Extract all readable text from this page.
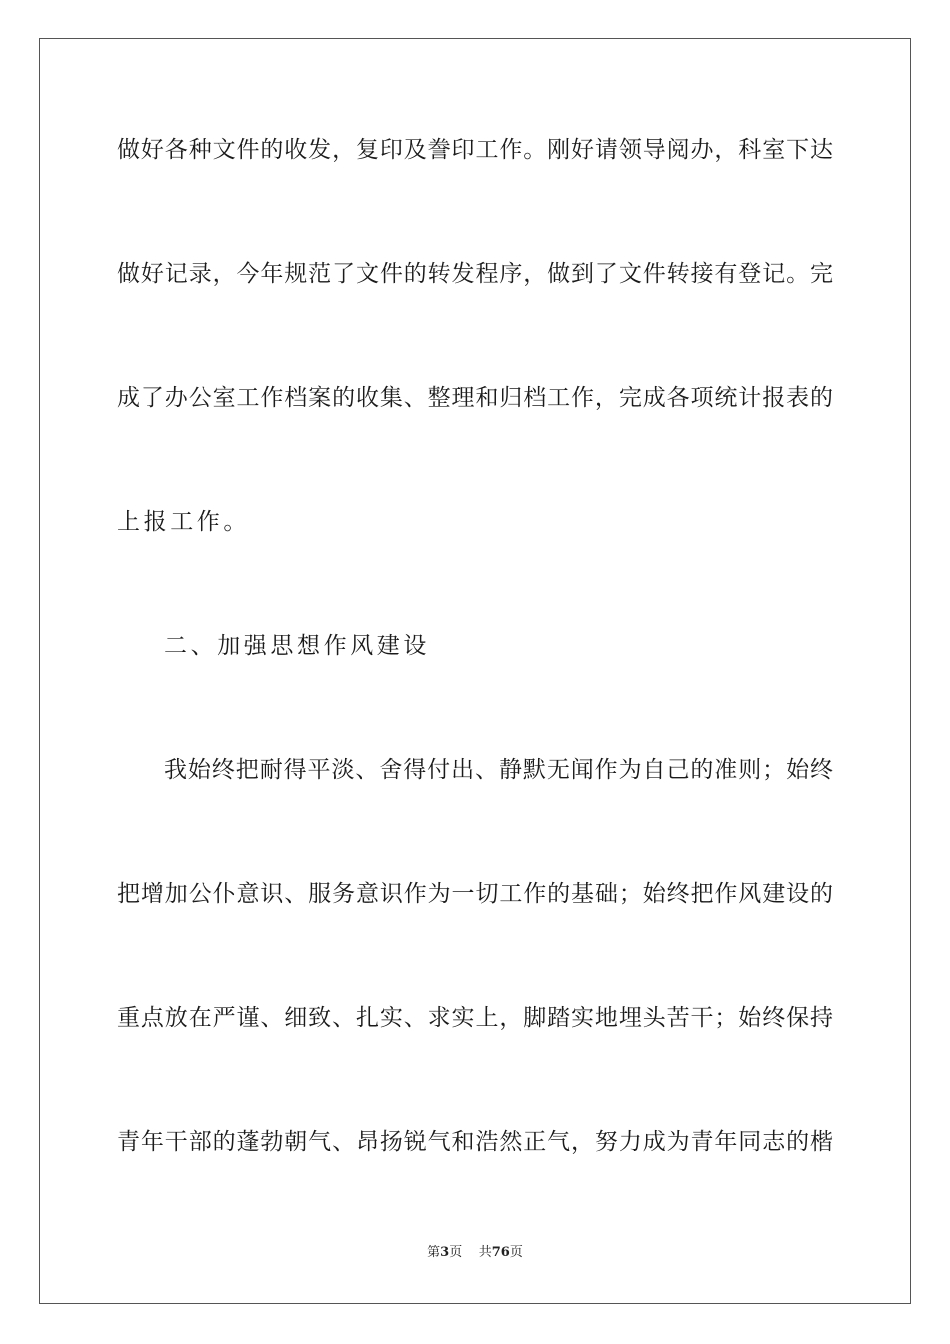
做好各种文件的收发，复印及誊印工作。刚好请领导阅办，科室下达
做好记录，今年规范了文件的转发程序，做到了文件转接有登记。完
成了办公室工作档案的收集、整理和归档工作，完成各项统计报表的
上报工作。
二、加强思想作风建设
我始终把耐得平淡、舍得付出、静默无闻作为自己的准则；始终
把增加公仆意识、服务意识作为一切工作的基础；始终把作风建设的
重点放在严谨、细致、扎实、求实上，脚踏实地埋头苦干；始终保持
青年干部的蓬勃朝气、昂扬锐气和浩然正气，努力成为青年同志的楷
第3页 共76页
